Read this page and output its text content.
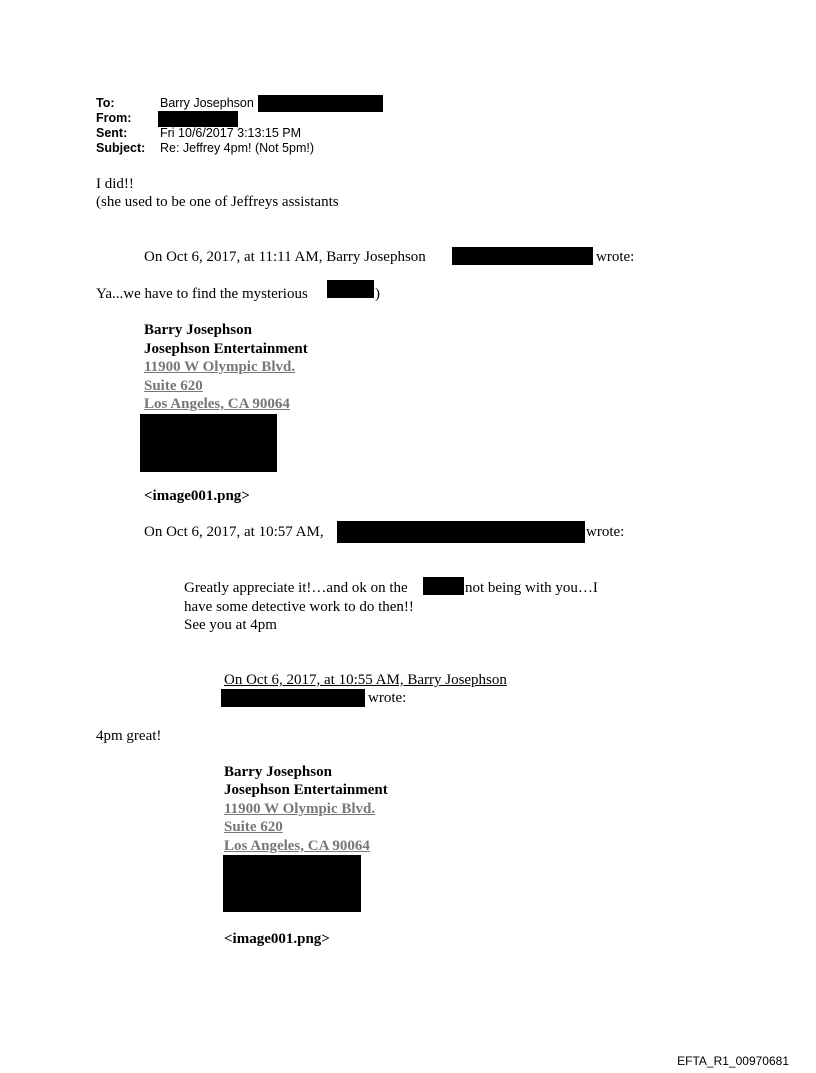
To:	Barry Josephson
From:
Sent:	Fri 10/6/2017 3:13:15 PM
Subject: Re: Jeffrey 4pm! (Not 5pm!)
I did!!
(she used to be one of Jeffreys assistants
On Oct 6, 2017, at 11:11 AM, Barry Josephson	wrote:
Ya...we have to find the mysterious	)
Barry Josephson
Josephson Entertainment
11900 W Olympic Blvd.
Suite 620
Los Angeles, CA 90064
<image001.png>
On Oct 6, 2017, at 10:57 AM,	wrote:
Greatly appreciate it!…and ok on the	not being with you…I
have some detective work to do then!!
See you at 4pm
On Oct 6, 2017, at 10:55 AM, Barry Josephson
wrote:
4pm great!
Barry Josephson
Josephson Entertainment
11900 W Olympic Blvd.
Suite 620
Los Angeles, CA 90064
<image001.png>
EFTA_R1_00970681
